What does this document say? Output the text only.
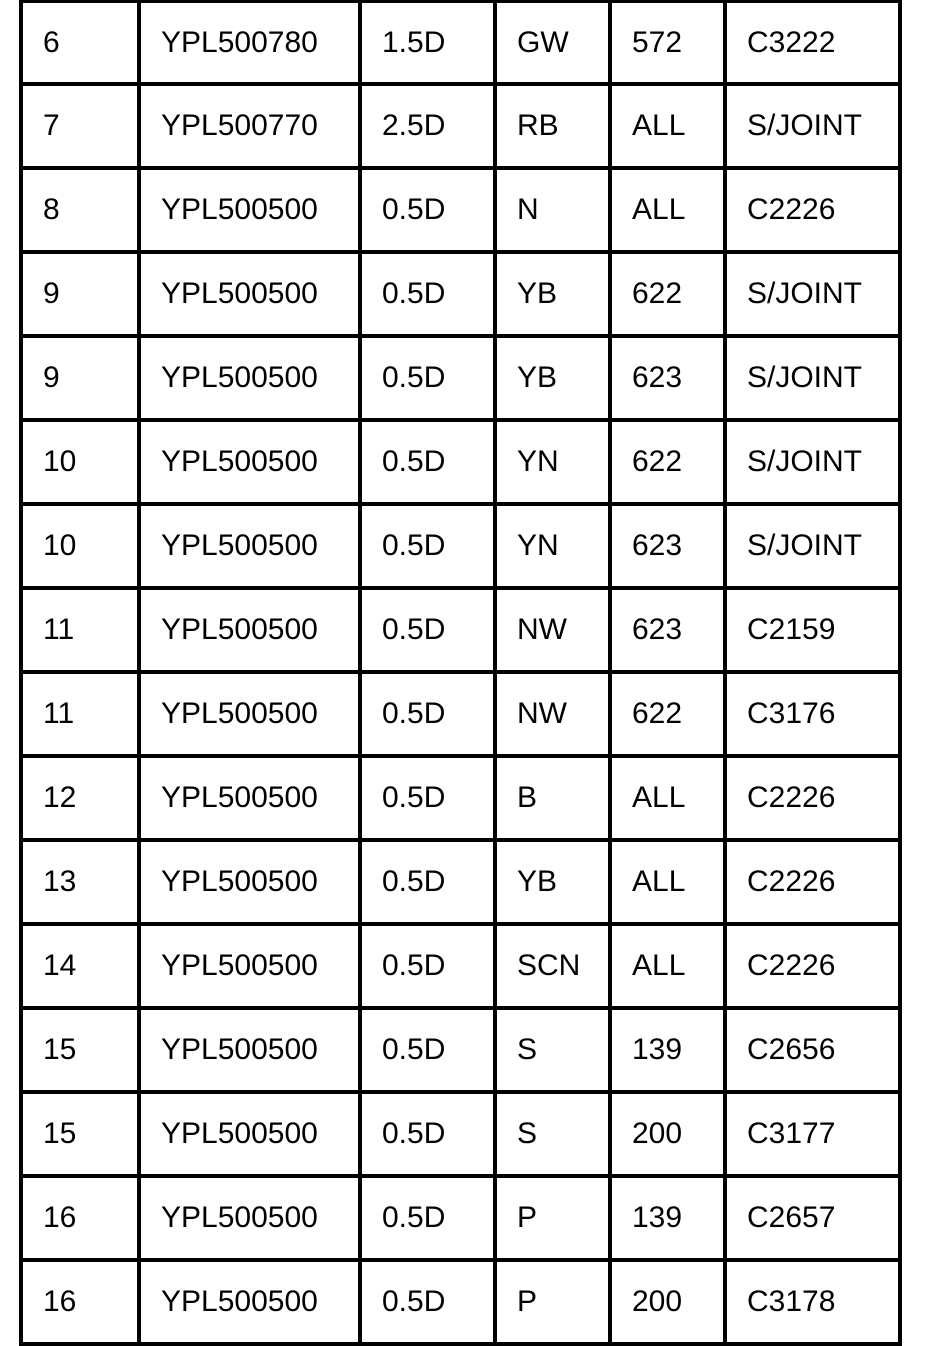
6	YPL500780	1.5D	GW	572	C3222
7	YPL500770	2.5D	RB	ALL	S/JOINT
8	YPL500500	0.5D	N	ALL	C2226
9	YPL500500	0.5D	YB	622	S/JOINT
9	YPL500500	0.5D	YB	623	S/JOINT
10	YPL500500	0.5D	YN	622	S/JOINT
10	YPL500500	0.5D	YN	623	S/JOINT
11	YPL500500	0.5D	NW	623	C2159
11	YPL500500	0.5D	NW	622	C3176
12	YPL500500	0.5D	B	ALL	C2226
13	YPL500500	0.5D	YB	ALL	C2226
14	YPL500500	0.5D	SCN	ALL	C2226
15	YPL500500	0.5D	S	139	C2656
15	YPL500500	0.5D	S	200	C3177
16	YPL500500	0.5D	P	139	C2657
16	YPL500500	0.5D	P	200	C3178
